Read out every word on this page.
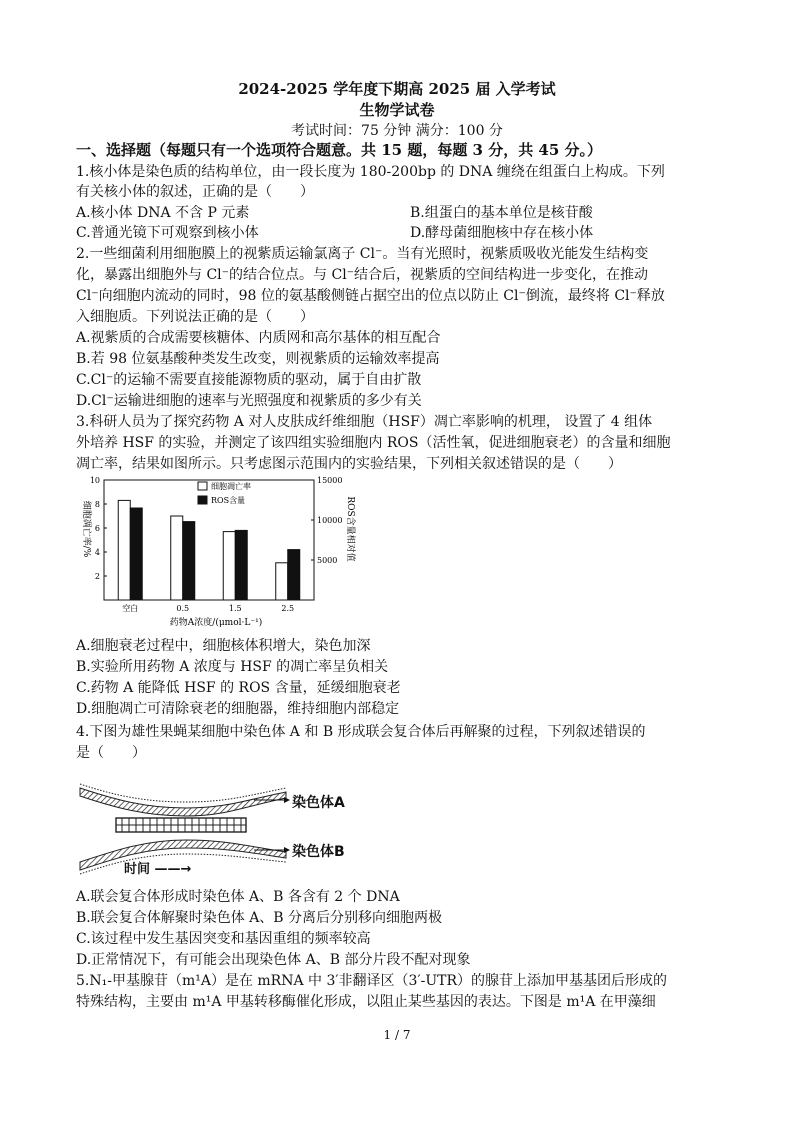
2024-2025 学年度下期高 2025 届 入学考试
生物学试卷
考试时间：75 分钟 满分：100 分
一、选择题（每题只有一个选项符合题意。共 15 题，每题 3 分，共 45 分。）
1.核小体是染色质的结构单位，由一段长度为 180-200bp 的 DNA 缠绕在组蛋白上构成。下列
有关核小体的叙述，正确的是（　　）
A.核小体 DNA 不含 P 元素	B.组蛋白的基本单位是核苷酸
C.普通光镜下可观察到核小体	D.酵母菌细胞核中存在核小体
2.一些细菌利用细胞膜上的视紫质运输氯离子 Cl⁻。当有光照时，视紫质吸收光能发生结构变
化，暴露出细胞外与 Cl⁻的结合位点。与 Cl⁻结合后，视紫质的空间结构进一步变化，在推动
Cl⁻向细胞内流动的同时，98 位的氨基酸侧链占据空出的位点以防止 Cl⁻倒流，最终将 Cl⁻释放
入细胞质。下列说法正确的是（　　）
A.视紫质的合成需要核糖体、内质网和高尔基体的相互配合
B.若 98 位氨基酸种类发生改变，则视紫质的运输效率提高
C.Cl⁻的运输不需要直接能源物质的驱动，属于自由扩散
D.Cl⁻运输进细胞的速率与光照强度和视紫质的多少有关
3.科研人员为了探究药物 A 对人皮肤成纤维细胞（HSF）凋亡率影响的机理， 设置了 4 组体
外培养 HSF 的实验，并测定了该四组实验细胞内 ROS（活性氧，促进细胞衰老）的含量和细胞
凋亡率，结果如图所示。只考虑图示范围内的实验结果，下列相关叙述错误的是（　　）
2
4
6
8
10
5000
10000
15000
空白	0.5	1.5	2.5
细胞凋亡率
ROS含量
细胞凋亡率/%	ROS含量相对值
药物A浓度/(μmol·L⁻¹)
A.细胞衰老过程中，细胞核体积增大，染色加深
B.实验所用药物 A 浓度与 HSF 的凋亡率呈负相关
C.药物 A 能降低 HSF 的 ROS 含量，延缓细胞衰老
D.细胞凋亡可清除衰老的细胞器，维持细胞内部稳定
4.下图为雄性果蝇某细胞中染色体 A 和 B 形成联会复合体后再解聚的过程，下列叙述错误的
是（　　）
染色体A
染色体B
时间 ——→
A.联会复合体形成时染色体 A、B 各含有 2 个 DNA
B.联会复合体解聚时染色体 A、B 分离后分别移向细胞两极
C.该过程中发生基因突变和基因重组的频率较高
D.正常情况下，有可能会出现染色体 A、B 部分片段不配对现象
5.N₁-甲基腺苷（m¹A）是在 mRNA 中 3′非翻译区（3′-UTR）的腺苷上添加甲基基团后形成的
特殊结构，主要由 m¹A 甲基转移酶催化形成，以阻止某些基因的表达。下图是 m¹A 在甲藻细
1 / 7
